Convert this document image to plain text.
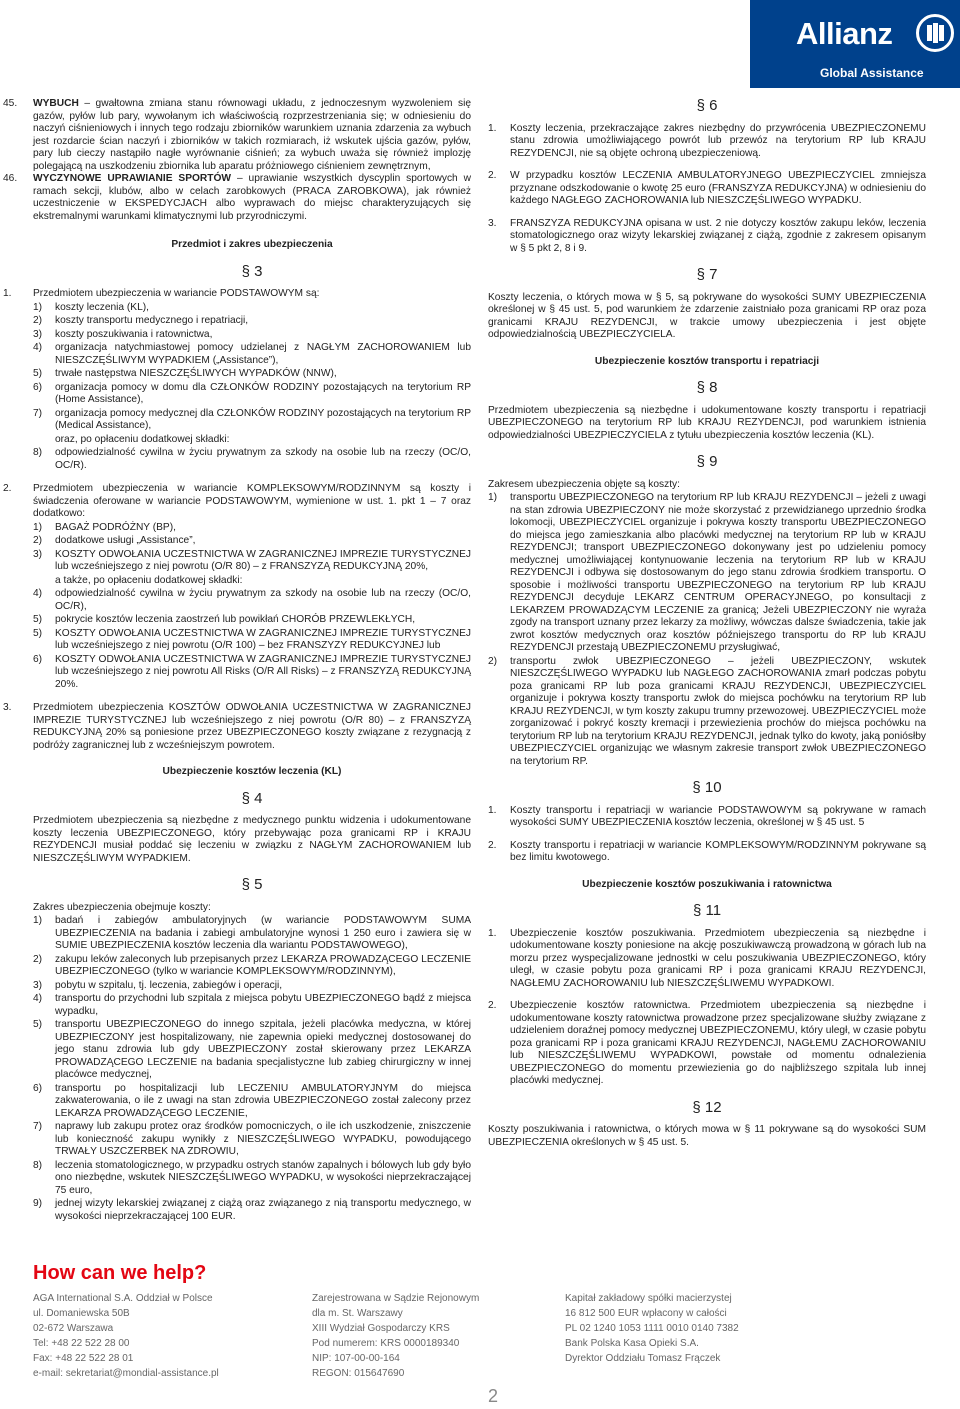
Allianz
Global Assistance
45.	WYBUCH – gwałtowna zmiana stanu równowagi układu, z jednoczesnym wyzwoleniem się gazów, pyłów lub pary, wywołanym ich właściwością rozprzestrzeniania się; w odniesieniu do naczyń ciśnieniowych i innych tego rodzaju zbiorników warunkiem uznania zdarzenia za wybuch jest rozdarcie ścian naczyń i zbiorników w takich rozmiarach, iż wskutek ujścia gazów, pyłów, pary lub cieczy nastąpiło nagłe wyrównanie ciśnień; za wybuch uważa się również implozję polegającą na uszkodzeniu zbiornika lub aparatu próżniowego ciśnieniem zewnętrznym,
46.	WYCZYNOWE UPRAWIANIE SPORTÓW – uprawianie wszystkich dyscyplin sportowych w ramach sekcji, klubów, albo w celach zarobkowych (PRACA ZAROBKOWA), jak również uczestniczenie w EKSPEDYCJACH albo wyprawach do miejsc charakteryzujących się ekstremalnymi warunkami klimatycznymi lub przyrodniczymi.
Przedmiot i zakres ubezpieczenia
§ 3
1.	Przedmiotem ubezpieczenia w wariancie PODSTAWOWYM są:
1)	koszty leczenia (KL),
2)	koszty transportu medycznego i repatriacji,
3)	koszty poszukiwania i ratownictwa,
4)	organizacja natychmiastowej pomocy udzielanej z NAGŁYM ZACHOROWANIEM lub NIESZCZĘŚLIWYM WYPADKIEM („Assistance”),
5)	trwałe następstwa NIESZCZĘŚLIWYCH WYPADKÓW (NNW),
6)	organizacja pomocy w domu dla CZŁONKÓW RODZINY pozostających na terytorium RP (Home Assistance),
7)	organizacja pomocy medycznej dla CZŁONKÓW RODZINY pozostających na terytorium RP (Medical Assistance),
oraz, po opłaceniu dodatkowej składki:
8)	odpowiedzialność cywilna w życiu prywatnym za szkody na osobie lub na rzeczy (OC/O, OC/R).
2.	Przedmiotem ubezpieczenia w wariancie KOMPLEKSOWYM/RODZINNYM są koszty i świadczenia oferowane w wariancie PODSTAWOWYM, wymienione w ust. 1. pkt 1 – 7 oraz dodatkowo:
1)	BAGAŻ PODRÓŻNY (BP),
2)	dodatkowe usługi „Assistance”,
3)	KOSZTY ODWOŁANIA UCZESTNICTWA W ZAGRANICZNEJ IMPREZIE TURYSTYCZNEJ lub wcześniejszego z niej powrotu (O/R 80) – z FRANSZYZĄ REDUKCYJNĄ 20%,
a także, po opłaceniu dodatkowej składki:
4)	odpowiedzialność cywilna w życiu prywatnym za szkody na osobie lub na rzeczy (OC/O, OC/R),
5)	pokrycie kosztów leczenia zaostrzeń lub powikłań CHORÓB PRZEWLEKŁYCH,
5)	KOSZTY ODWOŁANIA UCZESTNICTWA W ZAGRANICZNEJ IMPREZIE TURYSTYCZNEJ lub wcześniejszego z niej powrotu (O/R 100) – bez FRANSZYZY REDUKCYJNEJ lub
6)	KOSZTY ODWOŁANIA UCZESTNICTWA W ZAGRANICZNEJ IMPREZIE TURYSTYCZNEJ lub wcześniejszego z niej powrotu All Risks (O/R All Risks) – z FRANSZYZĄ REDUKCYJNĄ 20%.
3.	Przedmiotem ubezpieczenia KOSZTÓW ODWOŁANIA UCZESTNICTWA W ZAGRANICZNEJ IMPREZIE TURYSTYCZNEJ lub wcześniejszego z niej powrotu (O/R 80) – z FRANSZYZĄ REDUKCYJNĄ 20% są poniesione przez UBEZPIECZONEGO koszty związane z rezygnacją z podróży zagranicznej lub z wcześniejszym powrotem.
Ubezpieczenie kosztów leczenia (KL)
§ 4
Przedmiotem ubezpieczenia są niezbędne z medycznego punktu widzenia i udokumentowane koszty leczenia UBEZPIECZONEGO, który przebywając poza granicami RP i KRAJU REZYDENCJI musiał poddać się leczeniu w związku z NAGŁYM ZACHOROWANIEM lub NIESZCZĘŚLIWYM WYPADKIEM.
§ 5
Zakres ubezpieczenia obejmuje koszty:
1)	badań i zabiegów ambulatoryjnych (w wariancie PODSTAWOWYM SUMA UBEZPIECZENIA na badania i zabiegi ambulatoryjne wynosi 1 250 euro i zawiera się w SUMIE UBEZPIECZENIA kosztów leczenia dla wariantu PODSTAWOWEGO),
2)	zakupu leków zaleconych lub przepisanych przez LEKARZA PROWADZĄCEGO LECZENIE UBEZPIECZONEGO (tylko w wariancie KOMPLEKSOWYM/RODZINNYM),
3)	pobytu w szpitalu, tj. leczenia, zabiegów i operacji,
4)	transportu do przychodni lub szpitala z miejsca pobytu UBEZPIECZONEGO bądź z miejsca wypadku,
5)	transportu UBEZPIECZONEGO do innego szpitala, jeżeli placówka medyczna, w której UBEZPIECZONY jest hospitalizowany, nie zapewnia opieki medycznej dostosowanej do jego stanu zdrowia lub gdy UBEZPIECZONY został skierowany przez LEKARZA PROWADZĄCEGO LECZENIE na badania specjalistyczne lub zabieg chirurgiczny w innej placówce medycznej,
6)	transportu po hospitalizacji lub LECZENIU AMBULATORYJNYM do miejsca zakwaterowania, o ile z uwagi na stan zdrowia UBEZPIECZONEGO został zalecony przez LEKARZA PROWADZĄCEGO LECZENIE,
7)	naprawy lub zakupu protez oraz środków pomocniczych, o ile ich uszkodzenie, zniszczenie lub konieczność zakupu wynikły z NIESZCZĘŚLIWEGO WYPADKU, powodującego TRWAŁY USZCZERBEK NA ZDROWIU,
8)	leczenia stomatologicznego, w przypadku ostrych stanów zapalnych i bólowych lub gdy było ono niezbędne, wskutek NIESZCZĘŚLIWEGO WYPADKU, w wysokości nieprzekraczającej 75 euro,
9)	jednej wizyty lekarskiej związanej z ciążą oraz związanego z nią transportu medycznego, w wysokości nieprzekraczającej 100 EUR.
§ 6
1.	Koszty leczenia, przekraczające zakres niezbędny do przywrócenia UBEZPIECZONEMU stanu zdrowia umożliwiającego powrót lub przewóz na terytorium RP lub KRAJU REZYDENCJI, nie są objęte ochroną ubezpieczeniową.
2.	W przypadku kosztów LECZENIA AMBULATORYJNEGO UBEZPIECZYCIEL zmniejsza przyznane odszkodowanie o kwotę 25 euro (FRANSZYZA REDUKCYJNA) w odniesieniu do każdego NAGŁEGO ZACHOROWANIA lub NIESZCZĘŚLIWEGO WYPADKU.
3.	FRANSZYZA REDUKCYJNA opisana w ust. 2 nie dotyczy kosztów zakupu leków, leczenia stomatologicznego oraz wizyty lekarskiej związanej z ciążą, zgodnie z zakresem opisanym w § 5 pkt 2, 8 i 9.
§ 7
Koszty leczenia, o których mowa w § 5, są pokrywane do wysokości SUMY UBEZPIECZENIA określonej w § 45 ust. 5, pod warunkiem że zdarzenie zaistniało poza granicami RP oraz poza granicami KRAJU REZYDENCJI, w trakcie umowy ubezpieczenia i jest objęte odpowiedzialnością UBEZPIECZYCIELA.
Ubezpieczenie kosztów transportu i repatriacji
§ 8
Przedmiotem ubezpieczenia są niezbędne i udokumentowane koszty transportu i repatriacji UBEZPIECZONEGO na terytorium RP lub KRAJU REZYDENCJI, pod warunkiem istnienia odpowiedzialności UBEZPIECZYCIELA z tytułu ubezpieczenia kosztów leczenia (KL).
§ 9
Zakresem ubezpieczenia objęte są koszty:
1)	transportu UBEZPIECZONEGO na terytorium RP lub KRAJU REZYDENCJI – jeżeli z uwagi na stan zdrowia UBEZPIECZONY nie może skorzystać z przewidzianego uprzednio środka lokomocji, UBEZPIECZYCIEL organizuje i pokrywa koszty transportu UBEZPIECZONEGO do miejsca jego zamieszkania albo placówki medycznej na terytorium RP lub w KRAJU REZYDENCJI; transport UBEZPIECZONEGO dokonywany jest po udzieleniu pomocy medycznej umożliwiającej kontynuowanie leczenia na terytorium RP lub w KRAJU REZYDENCJI i odbywa się dostosowanym do jego stanu zdrowia środkiem transportu. O sposobie i możliwości transportu UBEZPIECZONEGO na terytorium RP lub KRAJU REZYDENCJI decyduje LEKARZ CENTRUM OPERACYJNEGO, po konsultacji z LEKARZEM PROWADZĄCYM LECZENIE za granicą; Jeżeli UBEZPIECZONY nie wyraża zgody na transport uznany przez lekarzy za możliwy, wówczas dalsze świadczenia, takie jak zwrot kosztów medycznych oraz kosztów późniejszego transportu do RP lub KRAJU REZYDENCJI przestają UBEZPIECZONEMU przysługiwać,
2)	transportu zwłok UBEZPIECZONEGO – jeżeli UBEZPIECZONY, wskutek NIESZCZĘŚLIWEGO WYPADKU lub NAGŁEGO ZACHOROWANIA zmarł podczas pobytu poza granicami RP lub poza granicami KRAJU REZYDENCJI, UBEZPIECZYCIEL organizuje i pokrywa koszty transportu zwłok do miejsca pochówku na terytorium RP lub KRAJU REZYDENCJI, w tym koszty zakupu trumny przewozowej. UBEZPIECZYCIEL może zorganizować i pokryć koszty kremacji i przewiezienia prochów do miejsca pochówku na terytorium RP lub na terytorium KRAJU REZYDENCJI, jednak tylko do kwoty, jaką poniósłby UBEZPIECZYCIEL organizując we własnym zakresie transport zwłok UBEZPIECZONEGO na terytorium RP.
§ 10
1.	Koszty transportu i repatriacji w wariancie PODSTAWOWYM są pokrywane w ramach wysokości SUMY UBEZPIECZENIA kosztów leczenia, określonej w § 45 ust. 5
2.	Koszty transportu i repatriacji w wariancie KOMPLEKSOWYM/RODZINNYM pokrywane są bez limitu kwotowego.
Ubezpieczenie kosztów poszukiwania i ratownictwa
§ 11
1.	Ubezpieczenie kosztów poszukiwania. Przedmiotem ubezpieczenia są niezbędne i udokumentowane koszty poniesione na akcję poszukiwawczą prowadzoną w górach lub na morzu przez wyspecjalizowane jednostki w celu poszukiwania UBEZPIECZONEGO, który uległ, w czasie pobytu poza granicami RP i poza granicami KRAJU REZYDENCJI, NAGŁEMU ZACHOROWANIU lub NIESZCZĘŚLIWEMU WYPADKOWI.
2.	Ubezpieczenie kosztów ratownictwa. Przedmiotem ubezpieczenia są niezbędne i udokumentowane koszty ratownictwa prowadzone przez specjalizowane służby związane z udzieleniem doraźnej pomocy medycznej UBEZPIECZONEMU, który uległ, w czasie pobytu poza granicami RP i poza granicami KRAJU REZYDENCJI, NAGŁEMU ZACHOROWANIU lub NIESZCZĘŚLIWEMU WYPADKOWI, powstałe od momentu odnalezienia UBEZPIECZONEGO do momentu przewiezienia go do najbliższego szpitala lub innej placówki medycznej.
§ 12
Koszty poszukiwania i ratownictwa, o których mowa w § 11 pokrywane są do wysokości SUM UBEZPIECZENIA określonych w § 45 ust. 5.
How can we help?
AGA International S.A. Oddział w Polsce
ul. Domaniewska 50B
02-672 Warszawa
Tel: +48 22 522 28 00
Fax: +48 22 522 28 01
e-mail: sekretariat@mondial-assistance.pl
Zarejestrowana w Sądzie Rejonowym
dla m. St. Warszawy
XIII Wydział Gospodarczy KRS
Pod numerem: KRS 0000189340
NIP: 107-00-00-164
REGON: 015647690
Kapitał zakładowy spółki macierzystej
16 812 500 EUR wpłacony w całości
PL 02 1240 1053 1111 0010 0140 7382
Bank Polska Kasa Opieki S.A.
Dyrektor Oddziału Tomasz Frączek
2
